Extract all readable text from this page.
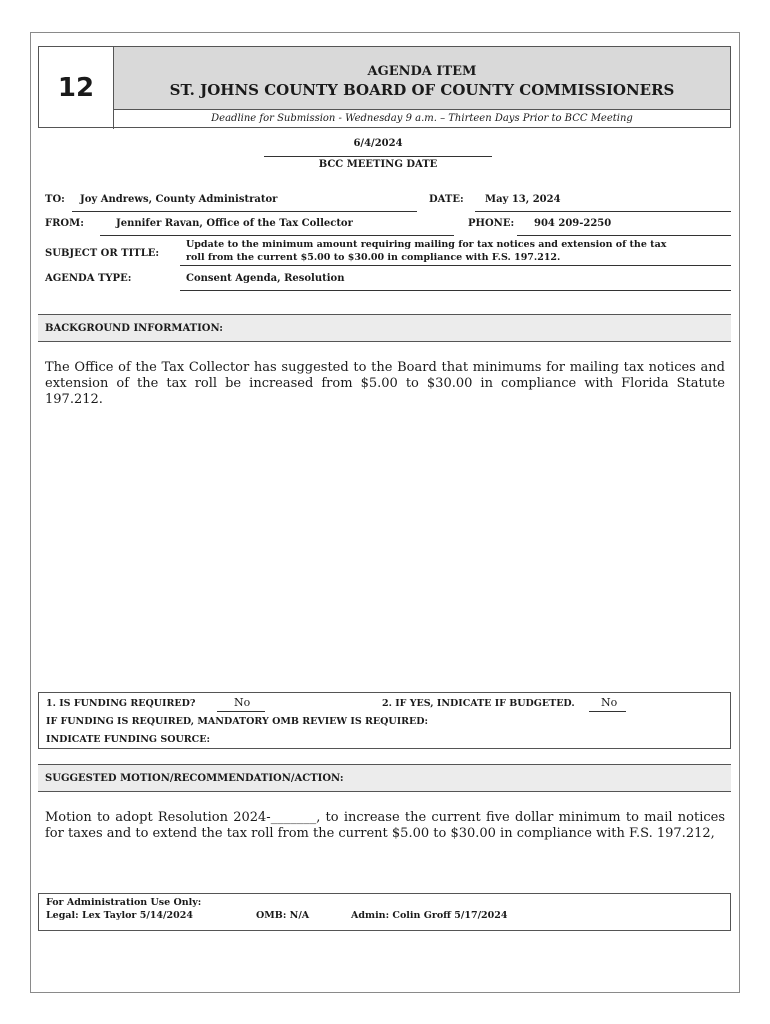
12
AGENDA ITEM
ST. JOHNS COUNTY BOARD OF COUNTY COMMISSIONERS
Deadline for Submission - Wednesday 9 a.m. – Thirteen Days Prior to BCC Meeting
6/4/2024
BCC MEETING DATE
TO: Joy Andrews, County Administrator	DATE: May 13, 2024
FROM:	Jennifer Ravan, Office of the Tax Collector	PHONE: 904 209-2250
SUBJECT OR TITLE:
Update to the minimum amount requiring mailing for tax notices and extension of the tax
roll from the current $5.00 to $30.00 in compliance with F.S. 197.212.
AGENDA TYPE:	Consent Agenda, Resolution
BACKGROUND INFORMATION:
The Office of the Tax Collector has suggested to the Board that minimums for mailing tax notices and extension of the tax roll be increased from $5.00 to $30.00 in compliance with Florida Statute 197.212.
1. IS FUNDING REQUIRED?	No	2. IF YES, INDICATE IF BUDGETED. No
IF FUNDING IS REQUIRED, MANDATORY OMB REVIEW IS REQUIRED:
INDICATE FUNDING SOURCE:
SUGGESTED MOTION/RECOMMENDATION/ACTION:
Motion to adopt Resolution 2024-_______, to increase the current five dollar minimum to mail notices for taxes and to extend the tax roll from the current $5.00 to $30.00 in compliance with F.S. 197.212,
For Administration Use Only:
Legal: Lex Taylor 5/14/2024	OMB: N/A	Admin: Colin Groff 5/17/2024
